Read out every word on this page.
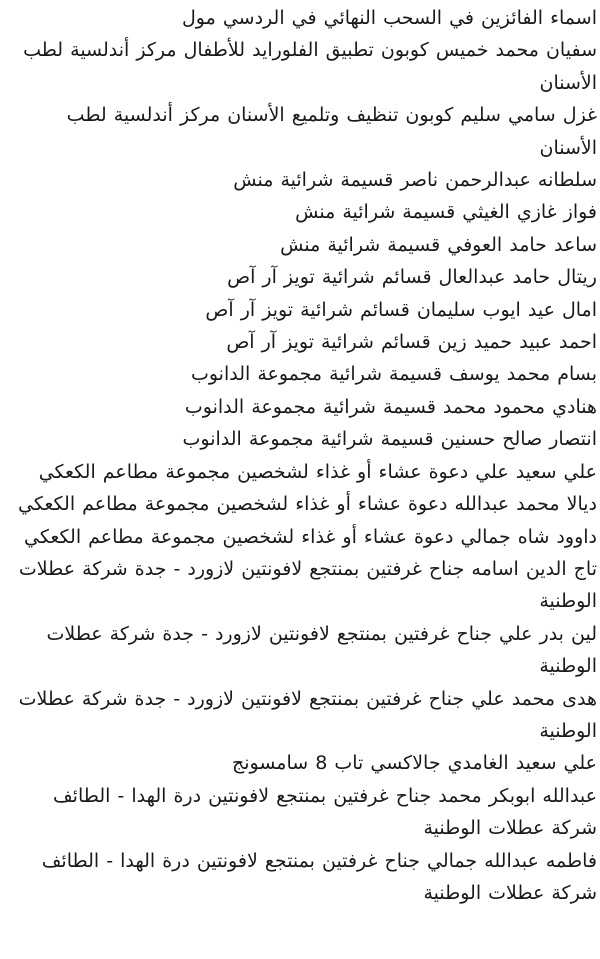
اسماء الفائزين في السحب النهائي في الردسي مول

سفيان محمد خميس كوبون تطبيق الفلورايد للأطفال مركز أندلسية لطب الأسنان

غزل سامي سليم كوبون تنظيف وتلميع الأسنان مركز أندلسية لطب الأسنان

سلطانه عبدالرحمن ناصر قسيمة شرائية منش

فواز غازي الغيثي قسيمة شرائية منش

ساعد حامد العوفي قسيمة شرائية منش

ريتال حامد عبدالعال قسائم شرائية تويز آر آص

امال عيد ايوب سليمان قسائم شرائية تويز آر آص

احمد عبيد حميد زين قسائم شرائية تويز آر آص

بسام محمد يوسف قسيمة شرائية مجموعة الدانوب

هنادي محمود محمد قسيمة شرائية مجموعة الدانوب

انتصار صالح حسنين قسيمة شرائية مجموعة الدانوب

علي سعيد علي دعوة عشاء أو غذاء لشخصين مجموعة مطاعم الكعكي

ديالا محمد عبدالله دعوة عشاء أو غذاء لشخصين مجموعة مطاعم الكعكي

داوود شاه جمالي دعوة عشاء أو غذاء لشخصين مجموعة مطاعم الكعكي

تاج الدين اسامه جناح غرفتين بمنتجع لافونتين لازورد - جدة شركة عطلات الوطنية

لين بدر علي جناح غرفتين بمنتجع لافونتين لازورد - جدة شركة عطلات الوطنية

هدى محمد علي جناح غرفتين بمنتجع لافونتين لازورد - جدة شركة عطلات الوطنية

علي سعيد الغامدي جالاكسي تاب 8 سامسونج

عبدالله ابوبكر محمد جناح غرفتين بمنتجع لافونتين درة الهدا - الطائف شركة عطلات الوطنية

فاطمه عبدالله جمالي جناح غرفتين بمنتجع لافونتين درة الهدا - الطائف شركة عطلات الوطنية
